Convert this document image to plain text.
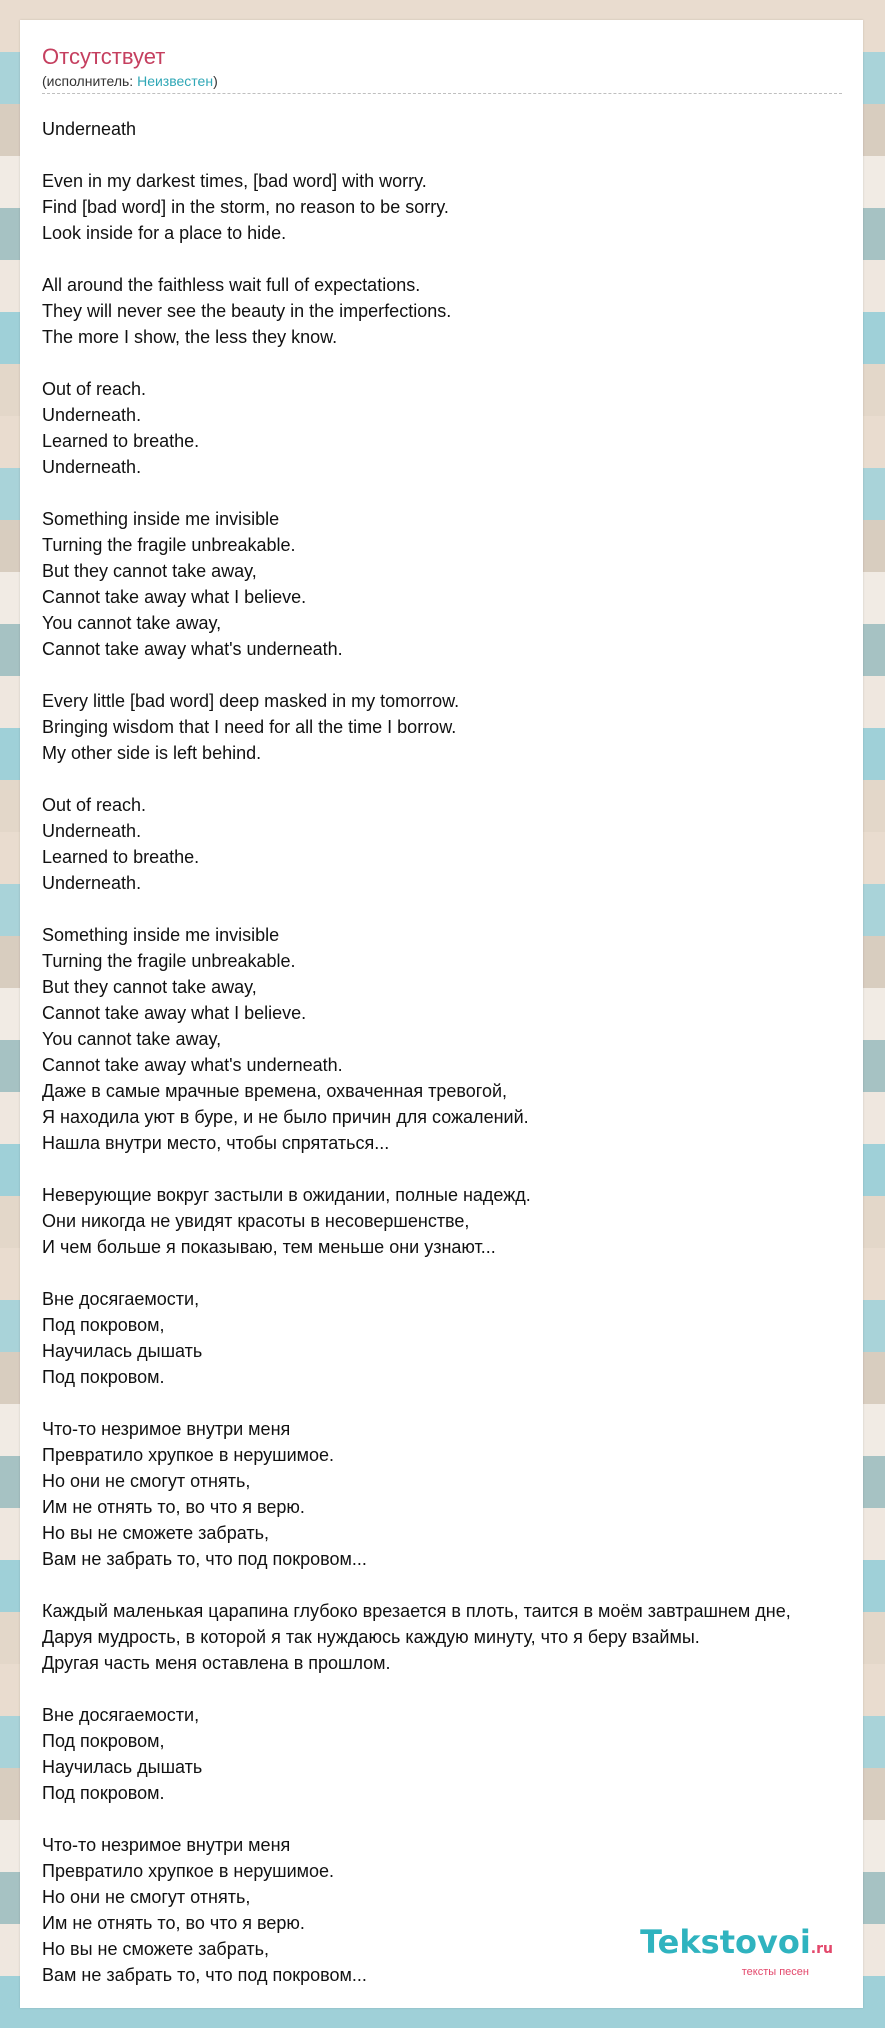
Отсутствует
(исполнитель: Неизвестен)
Underneath

Even in my darkest times, [bad word] with worry.
Find [bad word] in the storm, no reason to be sorry.
Look inside for a place to hide.

All around the faithless wait full of expectations.
They will never see the beauty in the imperfections.
The more I show, the less they know.

Out of reach.
Underneath.
Learned to breathe.
Underneath.

Something inside me invisible
Turning the fragile unbreakable.
But they cannot take away,
Cannot take away what I believe.
You cannot take away,
Cannot take away what's underneath.

Every little [bad word] deep masked in my tomorrow.
Bringing wisdom that I need for all the time I borrow.
My other side is left behind.

Out of reach.
Underneath.
Learned to breathe.
Underneath.

Something inside me invisible
Turning the fragile unbreakable.
But they cannot take away,
Cannot take away what I believe.
You cannot take away,
Cannot take away what's underneath.
Даже в самые мрачные времена, охваченная тревогой,
Я находила уют в буре, и не было причин для сожалений.
Нашла внутри место, чтобы спрятаться...

Неверующие вокруг застыли в ожидании, полные надежд.
Они никогда не увидят красоты в несовершенстве,
И чем больше я показываю, тем меньше они узнают...

Вне досягаемости,
Под покровом,
Научилась дышать
Под покровом.

Что-то незримое внутри меня
Превратило хрупкое в нерушимое.
Но они не смогут отнять,
Им не отнять то, во что я верю.
Но вы не сможете забрать,
Вам не забрать то, что под покровом...

Каждый маленькая царапина глубоко врезается в плоть, таится в моём завтрашнем дне,
Даруя мудрость, в которой я так нуждаюсь каждую минуту, что я беру взаймы.
Другая часть меня оставлена в прошлом.

Вне досягаемости,
Под покровом,
Научилась дышать
Под покровом.

Что-то незримое внутри меня
Превратило хрупкое в нерушимое.
Но они не смогут отнять,
Им не отнять то, во что я верю.
Но вы не сможете забрать,
Вам не забрать то, что под покровом...
Tekstovoi.ru
тексты песен
